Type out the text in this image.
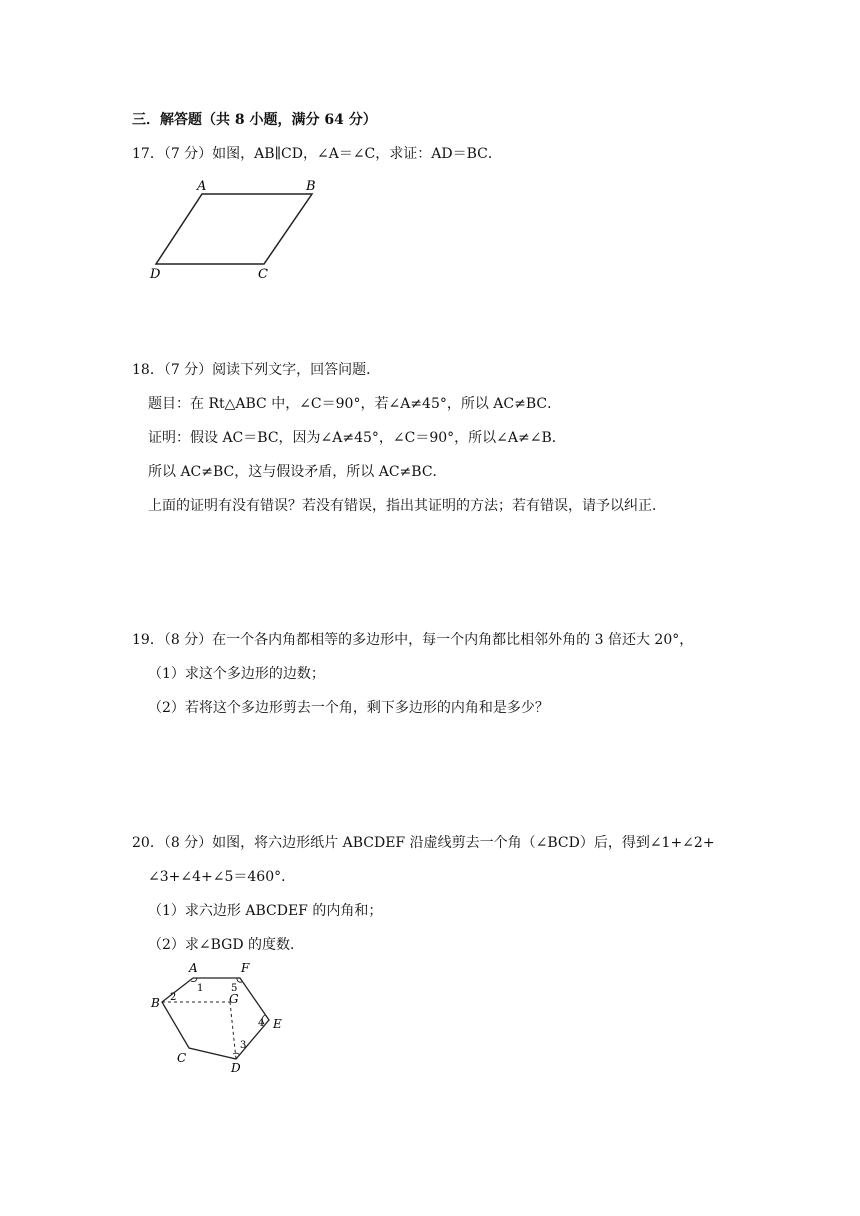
三．解答题（共 8 小题，满分 64 分）
17．（7 分）如图，AB∥CD，∠A＝∠C，求证：AD＝BC．
A	B
C
D
18．（7 分）阅读下列文字，回答问题．
题目：在 Rt△ABC 中，∠C＝90°，若∠A≠45°，所以 AC≠BC．
证明：假设 AC＝BC，因为∠A≠45°，∠C＝90°，所以∠A≠∠B．
所以 AC≠BC，这与假设矛盾，所以 AC≠BC．
上面的证明有没有错误？若没有错误，指出其证明的方法；若有错误，请予以纠正．
19．（8 分）在一个各内角都相等的多边形中，每一个内角都比相邻外角的 3 倍还大 20°，
（1）求这个多边形的边数；
（2）若将这个多边形剪去一个角，剩下多边形的内角和是多少？
20．（8 分）如图，将六边形纸片 ABCDEF 沿虚线剪去一个角（∠BCD）后，得到∠1+∠2+
∠3+∠4+∠5＝460°．
（1）求六边形 ABCDEF 的内角和；
（2）求∠BGD 的度数．
A
B
C
D
E
F
G
1
2
3
4
5
